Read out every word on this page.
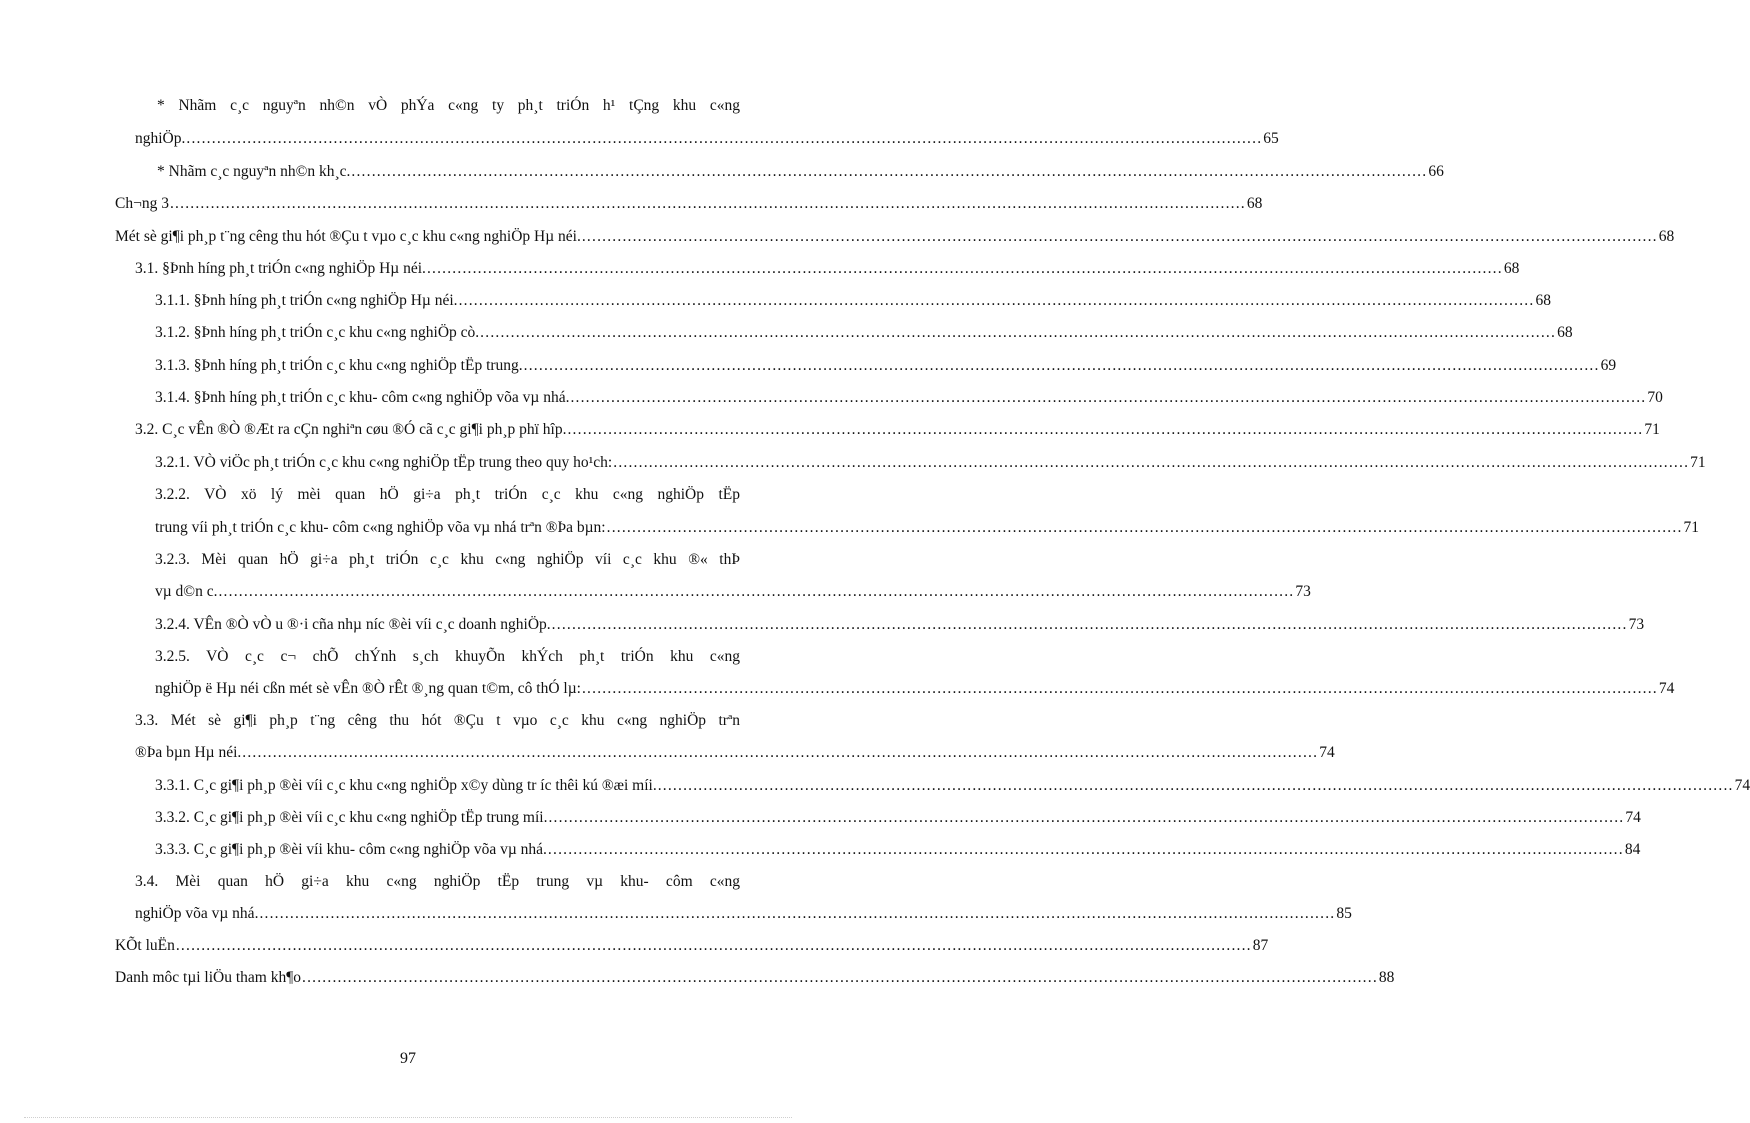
* Nhãm c¸c nguyªn nh©n vÒ phÝa c«ng ty ph¸t triÓn h¹ tÇng khu c«ng
nghiÖp. .................................................................................................................................................................................................................... 65
* Nhãm c¸c nguyªn nh©n kh¸c. .................................................................................................................................................................................................................... 66
Ch¬ng 3 .................................................................................................................................................................................................................... 68
Mét sè gi¶i ph¸p t¨ng cêng thu hót ®Çu t vµo c¸c khu c«ng nghiÖp Hµ néi. .................................................................................................................................................................................................................... 68
3.1. §Þnh híng ph¸t triÓn c«ng nghiÖp Hµ néi. .................................................................................................................................................................................................................... 68
3.1.1. §Þnh híng ph¸t triÓn c«ng nghiÖp Hµ néi. .................................................................................................................................................................................................................... 68
3.1.2. §Þnh híng ph¸t triÓn c¸c khu c«ng nghiÖp cò. .................................................................................................................................................................................................................... 68
3.1.3. §Þnh híng ph¸t triÓn c¸c khu c«ng nghiÖp tËp trung. .................................................................................................................................................................................................................... 69
3.1.4. §Þnh híng ph¸t triÓn c¸c khu- côm c«ng nghiÖp võa vµ nhá. .................................................................................................................................................................................................................... 70
3.2. C¸c vÊn ®Ò ®Æt ra cÇn nghiªn cøu ®Ó cã c¸c gi¶i ph¸p phï hîp. .................................................................................................................................................................................................................... 71
3.2.1. VÒ viÖc ph¸t triÓn c¸c khu c«ng nghiÖp tËp trung theo quy ho¹ch: .................................................................................................................................................................................................................... 71
3.2.2. VÒ xö lý mèi quan hÖ gi÷a ph¸t triÓn c¸c khu c«ng nghiÖp tËp
trung víi ph¸t triÓn c¸c khu- côm c«ng nghiÖp võa vµ nhá trªn ®Þa bµn: .................................................................................................................................................................................................................... 71
3.2.3. Mèi quan hÖ gi÷a ph¸t triÓn c¸c khu c«ng nghiÖp víi c¸c khu ®« thÞ
vµ d©n c. .................................................................................................................................................................................................................... 73
3.2.4. VÊn ®Ò vÒ u ®·i cña nhµ níc ®èi víi c¸c doanh nghiÖp. .................................................................................................................................................................................................................... 73
3.2.5. VÒ c¸c c¬ chÕ chÝnh s¸ch khuyÕn khÝch ph¸t triÓn khu c«ng
nghiÖp ë Hµ néi cßn mét sè vÊn ®Ò rÊt ®¸ng quan t©m, cô thÓ lµ: .................................................................................................................................................................................................................... 74
3.3. Mét sè gi¶i ph¸p t¨ng cêng thu hót ®Çu t vµo c¸c khu c«ng nghiÖp trªn
®Þa bµn Hµ néi. .................................................................................................................................................................................................................... 74
3.3.1. C¸c gi¶i ph¸p ®èi víi c¸c khu c«ng nghiÖp x©y dùng tr íc thêi kú ®æi míi. .................................................................................................................................................................................................................... 74
3.3.2. C¸c gi¶i ph¸p ®èi víi c¸c khu c«ng nghiÖp tËp trung míi. .................................................................................................................................................................................................................... 74
3.3.3. C¸c gi¶i ph¸p ®èi víi khu- côm c«ng nghiÖp võa vµ nhá. .................................................................................................................................................................................................................... 84
3.4. Mèi quan hÖ gi÷a khu c«ng nghiÖp tËp trung vµ khu- côm c«ng
nghiÖp võa vµ nhá. .................................................................................................................................................................................................................... 85
KÕt luËn .................................................................................................................................................................................................................... 87
Danh môc tµi liÖu tham kh¶o .................................................................................................................................................................................................................... 88
97
